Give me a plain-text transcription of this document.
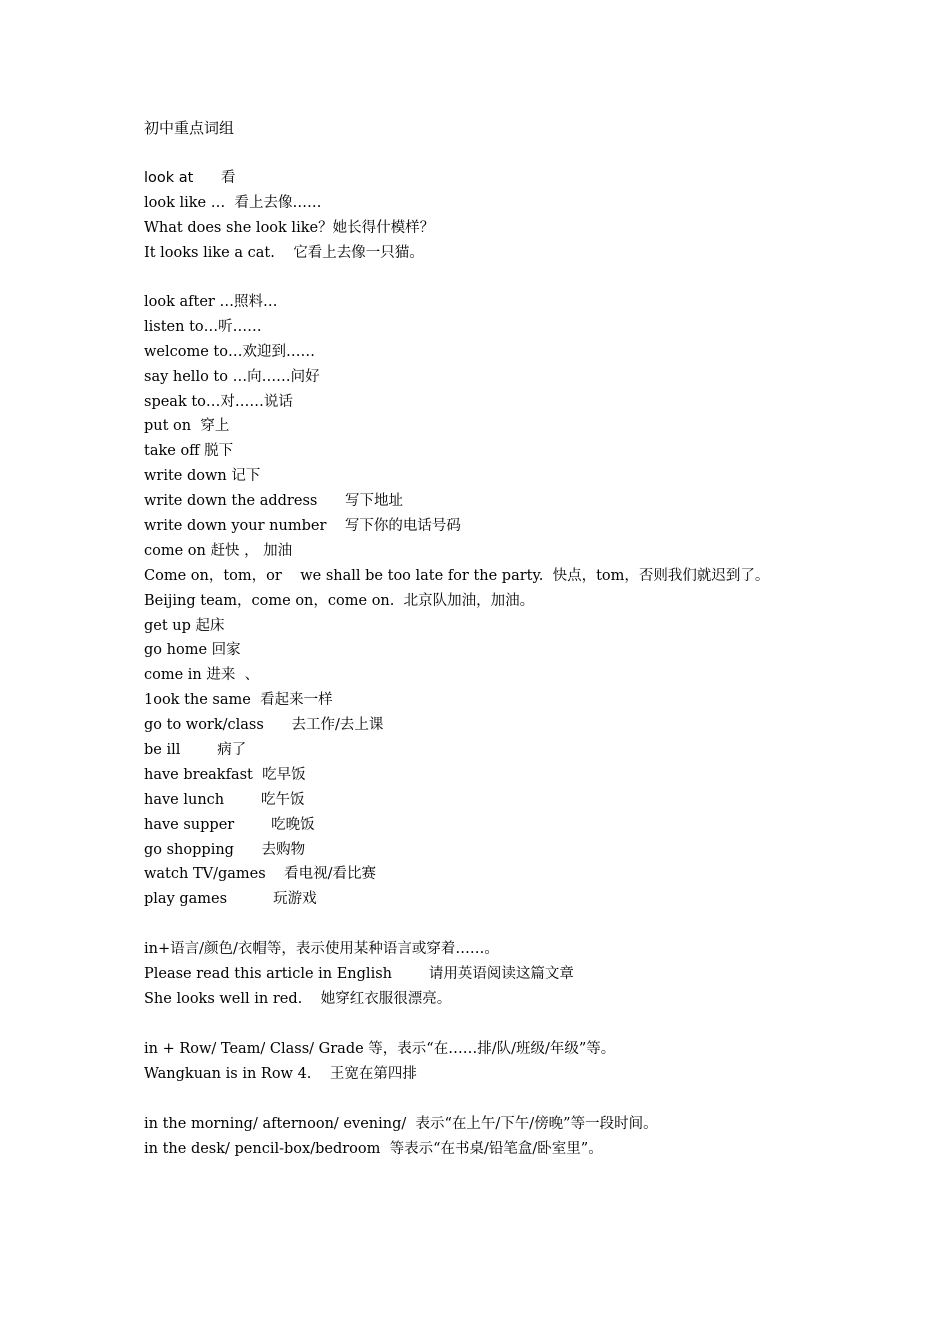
初中重点词组
look at      看
look like …  看上去像……
What does she look like？她长得什模样？
It looks like a cat.    它看上去像一只猫。
look after …照料…
listen to…听……
welcome to…欢迎到……
say hello to …向……问好
speak to…对……说话
put on  穿上
take off 脱下
write down 记下
write down the address      写下地址
write down your number    写下你的电话号码
come on 赶快 ， 加油
Come on，tom，or    we shall be too late for the party.  快点，tom，否则我们就迟到了。
Beijing team，come on，come on.  北京队加油，加油。
get up 起床
go home 回家
come in 进来  、
1ook the same  看起来一样
go to work/class      去工作/去上课
be ill        病了
have breakfast  吃早饭
have lunch        吃午饭
have supper        吃晚饭
go shopping      去购物
watch TV/games    看电视/看比赛
play games          玩游戏
in+语言/颜色/衣帽等，表示使用某种语言或穿着……。
Please read this article in English        请用英语阅读这篇文章
She looks well in red.    她穿红衣服很漂亮。
in + Row/ Team/ Class/ Grade 等，表示“在……排/队/班级/年级”等。
Wangkuan is in Row 4.    王宽在第四排
in the morning/ afternoon/ evening/  表示“在上午/下午/傍晚”等一段时间。
in the desk/ pencil-box/bedroom  等表示“在书桌/铅笔盒/卧室里”。
